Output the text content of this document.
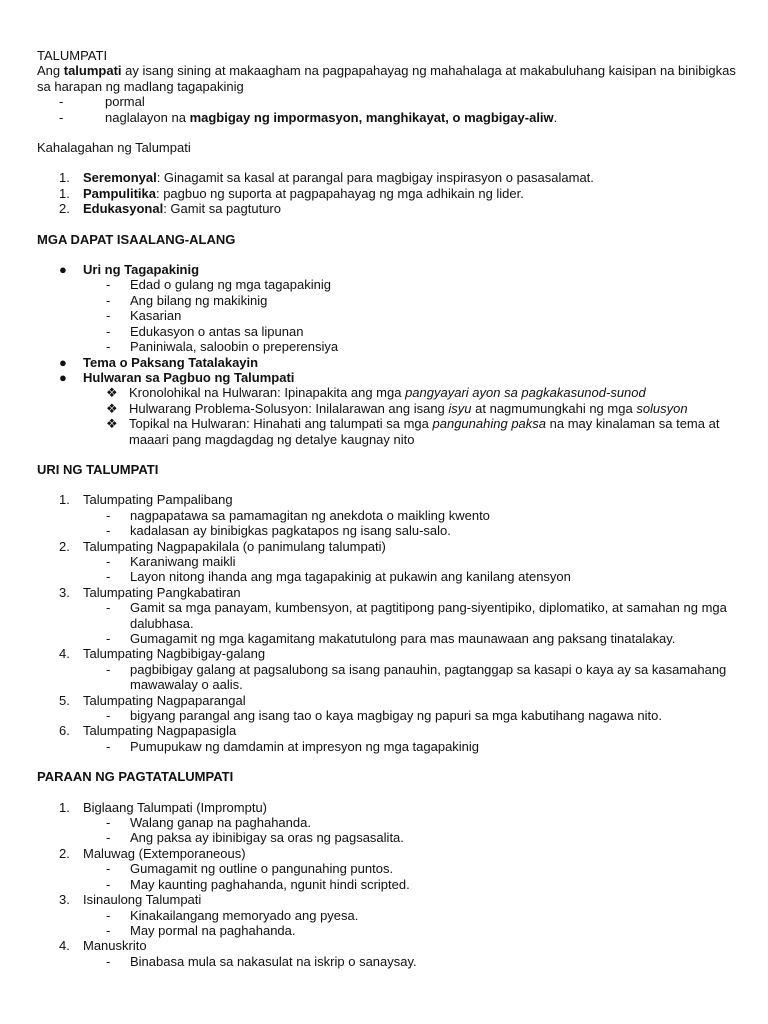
TALUMPATI

Ang talumpati ay isang sining at makaagham na pagpapahayag ng mahahalaga at makabuluhang kaisipan na binibigkas sa harapan ng madlang tagapakinig

-	pormal
-	naglalayon na magbigay ng impormasyon, manghikayat, o magbigay-aliw.

Kahalagahan ng Talumpati

1. Seremonyal: Ginagamit sa kasal at parangal para magbigay inspirasyon o pasasalamat.
1. Pampulitika: pagbuo ng suporta at pagpapahayag ng mga adhikain ng lider.
2. Edukasyonal: Gamit sa pagtuturo

MGA DAPAT ISAALANG-ALANG

● Uri ng Tagapakinig
- Edad o gulang ng mga tagapakinig
- Ang bilang ng makikinig
- Kasarian
- Edukasyon o antas sa lipunan
- Paniniwala, saloobin o preperensiya
● Tema o Paksang Tatalakayin
● Hulwaran sa Pagbuo ng Talumpati
❖ Kronolohikal na Hulwaran: Ipinapakita ang mga pangyayari ayon sa pagkakasunod-sunod
❖ Hulwarang Problema-Solusyon: Inilalarawan ang isang isyu at nagmumungkahi ng mga solusyon
❖ Topikal na Hulwaran: Hinahati ang talumpati sa mga pangunahing paksa na may kinalaman sa tema at maaari pang magdagdag ng detalye kaugnay nito

URI NG TALUMPATI

1. Talumpating Pampalibang
- nagpapatawa sa pamamagitan ng anekdota o maikling kwento
- kadalasan ay binibigkas pagkatapos ng isang salu-salo.
2. Talumpating Nagpapakilala (o panimulang talumpati)
- Karaniwang maikli
- Layon nitong ihanda ang mga tagapakinig at pukawin ang kanilang atensyon
3. Talumpating Pangkabatiran
- Gamit sa mga panayam, kumbensyon, at pagtitipong pang-siyentipiko, diplomatiko, at samahan ng mga dalubhasa.
- Gumagamit ng mga kagamitang makatutulong para mas maunawaan ang paksang tinatalakay.
4. Talumpating Nagbibigay-galang
- pagbibigay galang at pagsalubong sa isang panauhin, pagtanggap sa kasapi o kaya ay sa kasamahang mawawalay o aalis.
5. Talumpating Nagpaparangal
- bigyang parangal ang isang tao o kaya magbigay ng papuri sa mga kabutihang nagawa nito.
6. Talumpating Nagpapasigla
- Pumupukaw ng damdamin at impresyon ng mga tagapakinig

PARAAN NG PAGTATALUMPATI

1. Biglaang Talumpati (Impromptu)
- Walang ganap na paghahanda.
- Ang paksa ay ibinibigay sa oras ng pagsasalita.
2. Maluwag (Extemporaneous)
- Gumagamit ng outline o pangunahing puntos.
- May kaunting paghahanda, ngunit hindi scripted.
3. Isinaulong Talumpati
- Kinakailangang memoryado ang pyesa.
- May pormal na paghahanda.
4. Manuskrito
- Binabasa mula sa nakasulat na iskrip o sanaysay.
